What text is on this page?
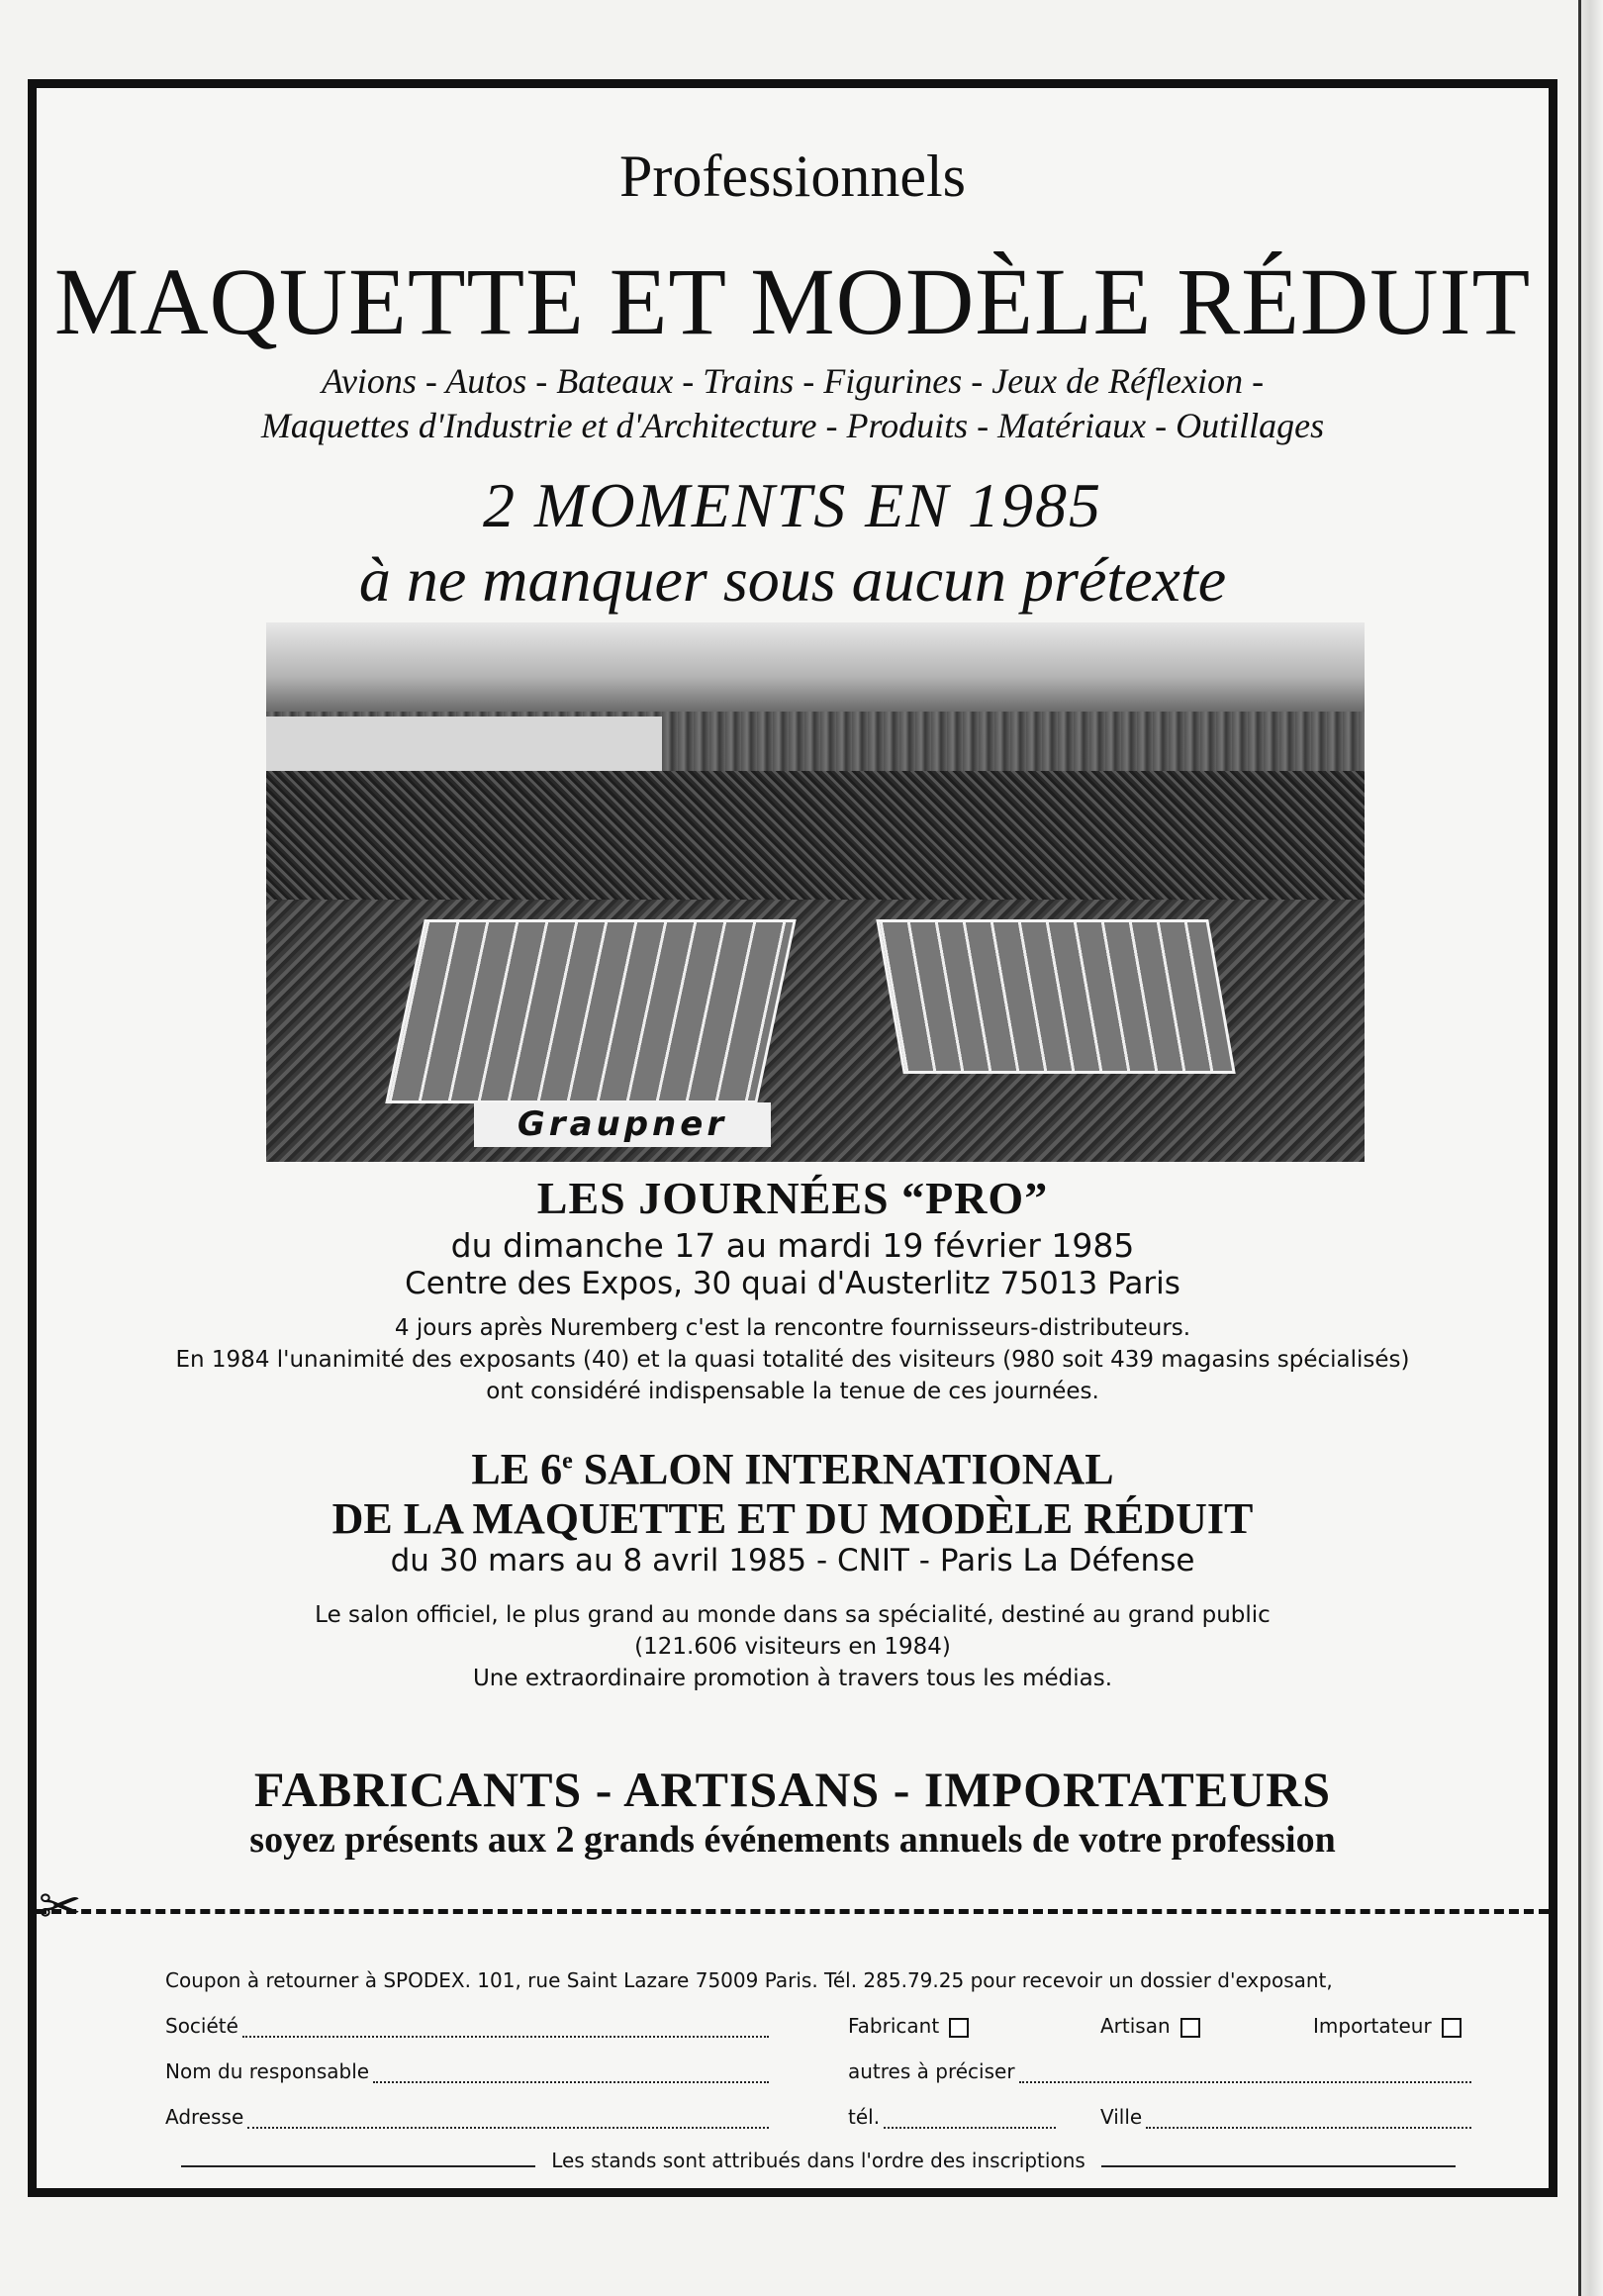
Professionnels
MAQUETTE ET MODÈLE RÉDUIT
Avions - Autos - Bateaux - Trains - Figurines - Jeux de Réflexion -
Maquettes d'Industrie et d'Architecture - Produits - Matériaux - Outillages
2 MOMENTS EN 1985
à ne manquer sous aucun prétexte
Graupner
LES JOURNÉES “PRO”
du dimanche 17 au mardi 19 février 1985
Centre des Expos, 30 quai d'Austerlitz 75013 Paris
4 jours après Nuremberg c'est la rencontre fournisseurs-distributeurs.
En 1984 l'unanimité des exposants (40) et la quasi totalité des visiteurs (980 soit 439 magasins spécialisés)
ont considéré indispensable la tenue de ces journées.
LE 6e SALON INTERNATIONAL
DE LA MAQUETTE ET DU MODÈLE RÉDUIT
du 30 mars au 8 avril 1985 - CNIT - Paris La Défense
Le salon officiel, le plus grand au monde dans sa spécialité, destiné au grand public
(121.606 visiteurs en 1984)
Une extraordinaire promotion à travers tous les médias.
FABRICANTS - ARTISANS - IMPORTATEURS
soyez présents aux 2 grands événements annuels de votre profession
✂
Coupon à retourner à SPODEX. 101, rue Saint Lazare 75009 Paris. Tél. 285.79.25 pour recevoir un dossier d'exposant,
Société	Fabricant	Artisan	Importateur
Nom du responsable	autres à préciser
Adresse	tél.	Ville
Les stands sont attribués dans l'ordre des inscriptions
